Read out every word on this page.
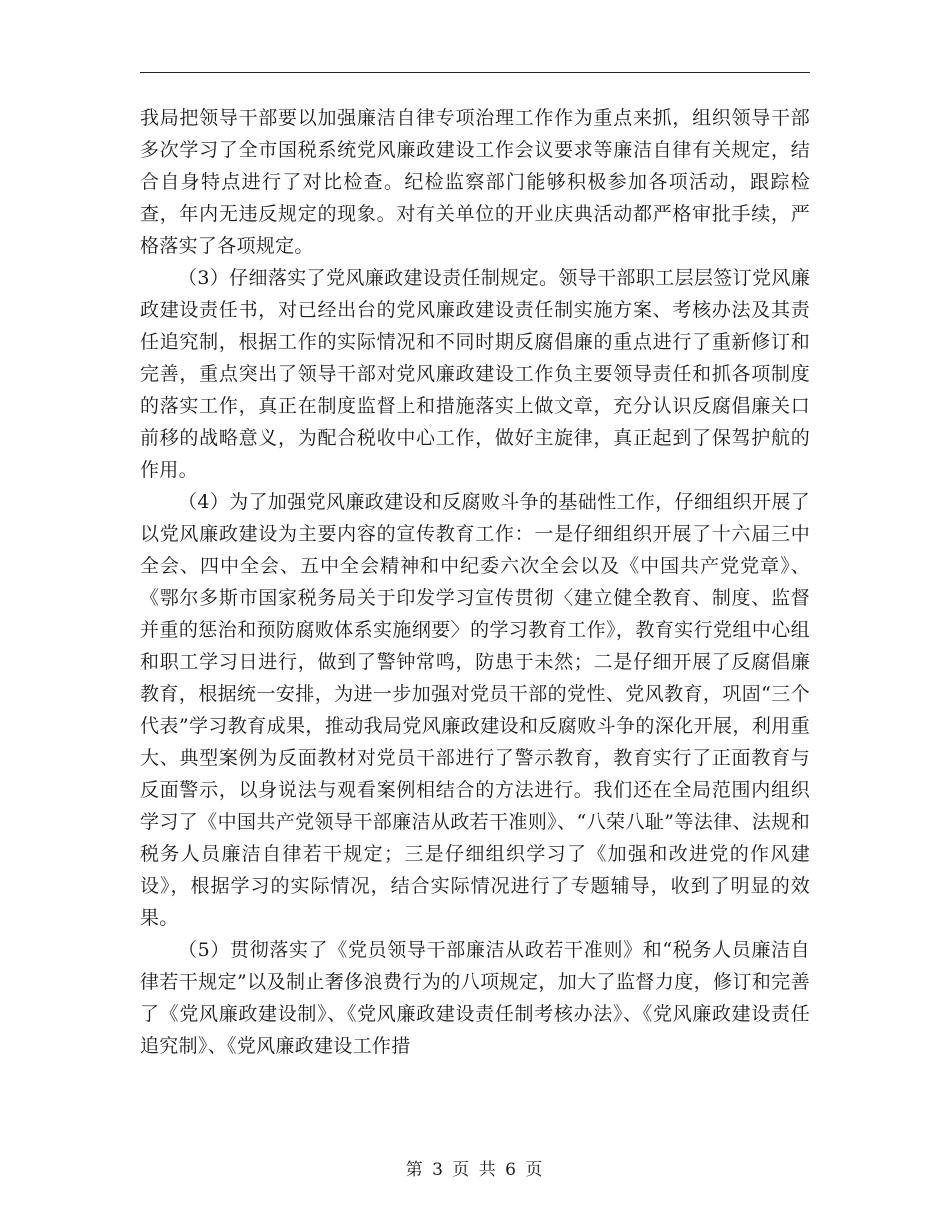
我局把领导干部要以加强廉洁自律专项治理工作作为重点来抓，组织领导干部多次学习了全市国税系统党风廉政建设工作会议要求等廉洁自律有关规定，结合自身特点进行了对比检查。纪检监察部门能够积极参加各项活动，跟踪检查，年内无违反规定的现象。对有关单位的开业庆典活动都严格审批手续，严格落实了各项规定。

（3）仔细落实了党风廉政建设责任制规定。领导干部职工层层签订党风廉政建设责任书，对已经出台的党风廉政建设责任制实施方案、考核办法及其责任追究制，根据工作的实际情况和不同时期反腐倡廉的重点进行了重新修订和完善，重点突出了领导干部对党风廉政建设工作负主要领导责任和抓各项制度的落实工作，真正在制度监督上和措施落实上做文章，充分认识反腐倡廉关口前移的战略意义，为配合税收中心工作，做好主旋律，真正起到了保驾护航的作用。

（4）为了加强党风廉政建设和反腐败斗争的基础性工作，仔细组织开展了以党风廉政建设为主要内容的宣传教育工作：一是仔细组织开展了十六届三中全会、四中全会、五中全会精神和中纪委六次全会以及《中国共产党党章》、《鄂尔多斯市国家税务局关于印发学习宣传贯彻〈建立健全教育、制度、监督并重的惩治和预防腐败体系实施纲要〉的学习教育工作》，教育实行党组中心组和职工学习日进行，做到了警钟常鸣，防患于未然；二是仔细开展了反腐倡廉教育，根据统一安排，为进一步加强对党员干部的党性、党风教育，巩固“三个代表”学习教育成果，推动我局党风廉政建设和反腐败斗争的深化开展，利用重大、典型案例为反面教材对党员干部进行了警示教育，教育实行了正面教育与反面警示，以身说法与观看案例相结合的方法进行。我们还在全局范围内组织学习了《中国共产党领导干部廉洁从政若干准则》、“八荣八耻”等法律、法规和税务人员廉洁自律若干规定；三是仔细组织学习了《加强和改进党的作风建设》，根据学习的实际情况，结合实际情况进行了专题辅导，收到了明显的效果。

（5）贯彻落实了《党员领导干部廉洁从政若干准则》和“税务人员廉洁自律若干规定”以及制止奢侈浪费行为的八项规定，加大了监督力度，修订和完善了《党风廉政建设制》、《党风廉政建设责任制考核办法》、《党风廉政建设责任追究制》、《党风廉政建设工作措

第 3 页 共 6 页
